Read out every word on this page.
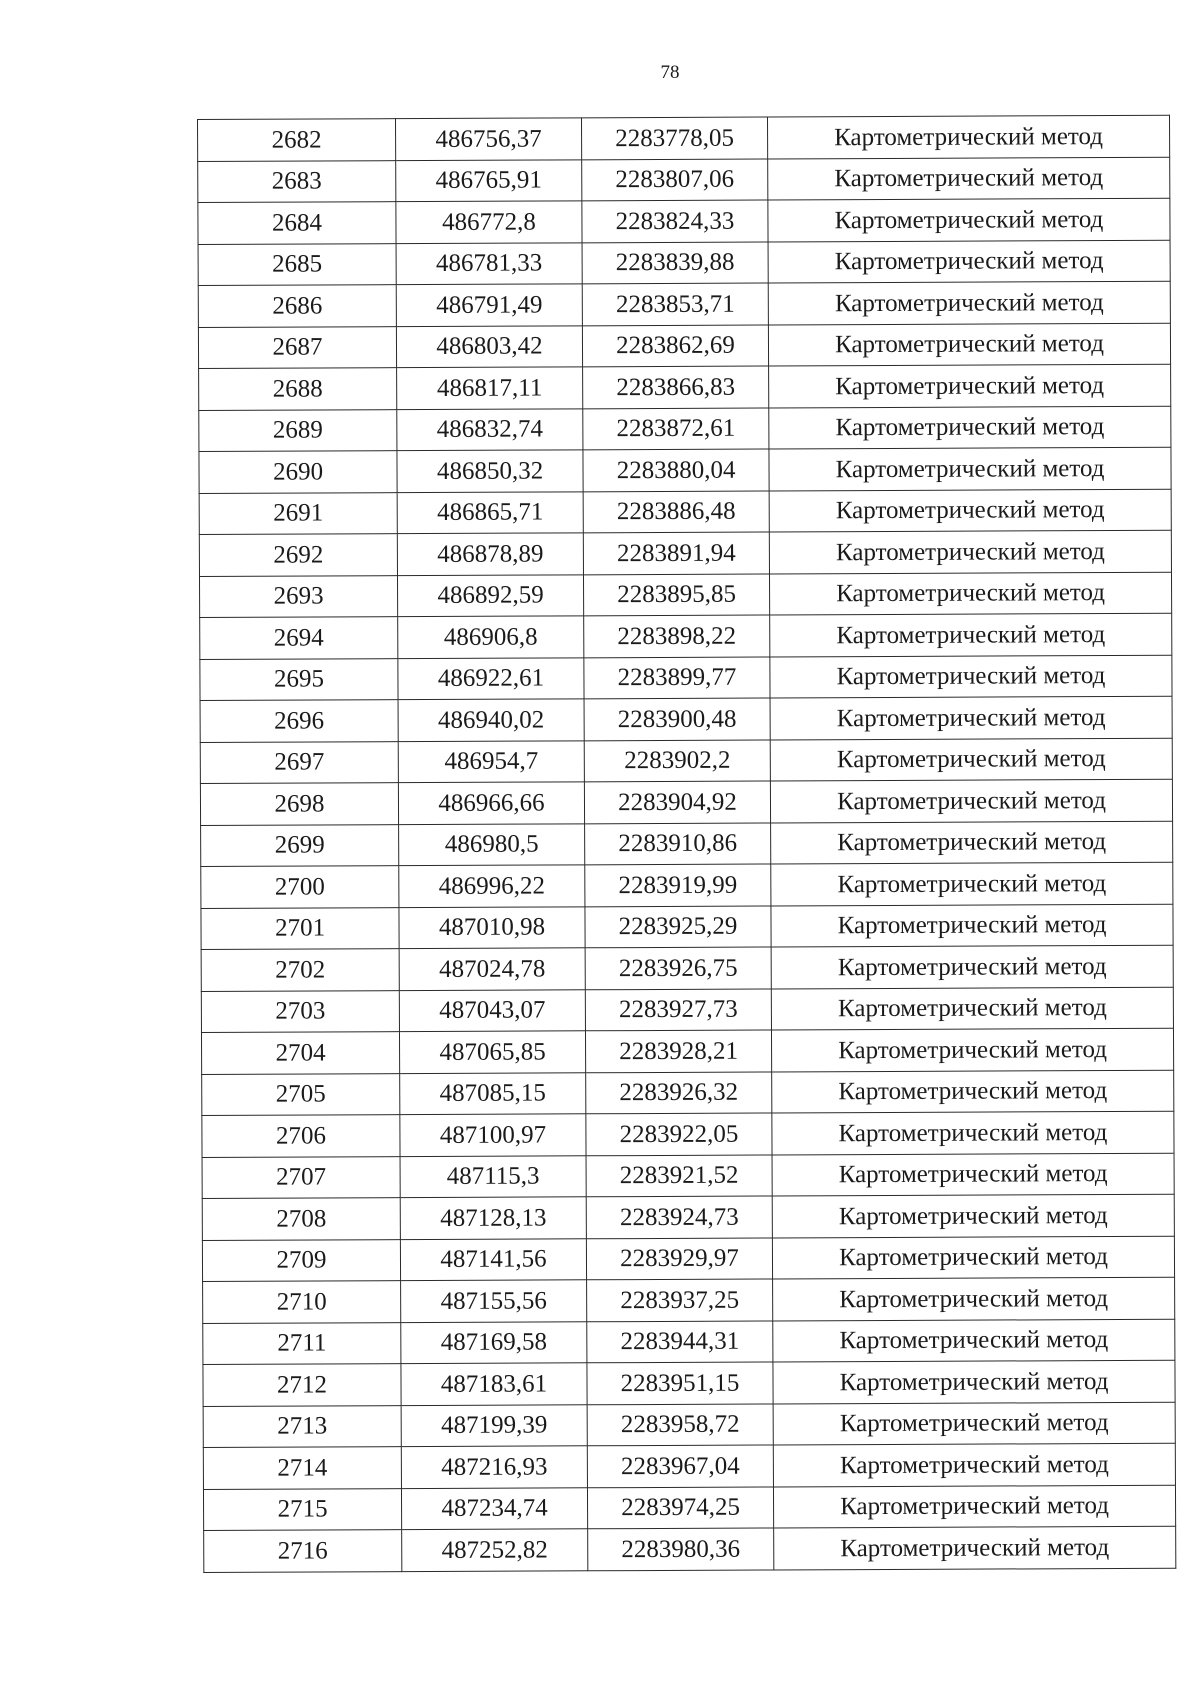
78
2682	486756,37	2283778,05	Картометрический метод
2683	486765,91	2283807,06	Картометрический метод
2684	486772,8	2283824,33	Картометрический метод
2685	486781,33	2283839,88	Картометрический метод
2686	486791,49	2283853,71	Картометрический метод
2687	486803,42	2283862,69	Картометрический метод
2688	486817,11	2283866,83	Картометрический метод
2689	486832,74	2283872,61	Картометрический метод
2690	486850,32	2283880,04	Картометрический метод
2691	486865,71	2283886,48	Картометрический метод
2692	486878,89	2283891,94	Картометрический метод
2693	486892,59	2283895,85	Картометрический метод
2694	486906,8	2283898,22	Картометрический метод
2695	486922,61	2283899,77	Картометрический метод
2696	486940,02	2283900,48	Картометрический метод
2697	486954,7	2283902,2	Картометрический метод
2698	486966,66	2283904,92	Картометрический метод
2699	486980,5	2283910,86	Картометрический метод
2700	486996,22	2283919,99	Картометрический метод
2701	487010,98	2283925,29	Картометрический метод
2702	487024,78	2283926,75	Картометрический метод
2703	487043,07	2283927,73	Картометрический метод
2704	487065,85	2283928,21	Картометрический метод
2705	487085,15	2283926,32	Картометрический метод
2706	487100,97	2283922,05	Картометрический метод
2707	487115,3	2283921,52	Картометрический метод
2708	487128,13	2283924,73	Картометрический метод
2709	487141,56	2283929,97	Картометрический метод
2710	487155,56	2283937,25	Картометрический метод
2711	487169,58	2283944,31	Картометрический метод
2712	487183,61	2283951,15	Картометрический метод
2713	487199,39	2283958,72	Картометрический метод
2714	487216,93	2283967,04	Картометрический метод
2715	487234,74	2283974,25	Картометрический метод
2716	487252,82	2283980,36	Картометрический метод
